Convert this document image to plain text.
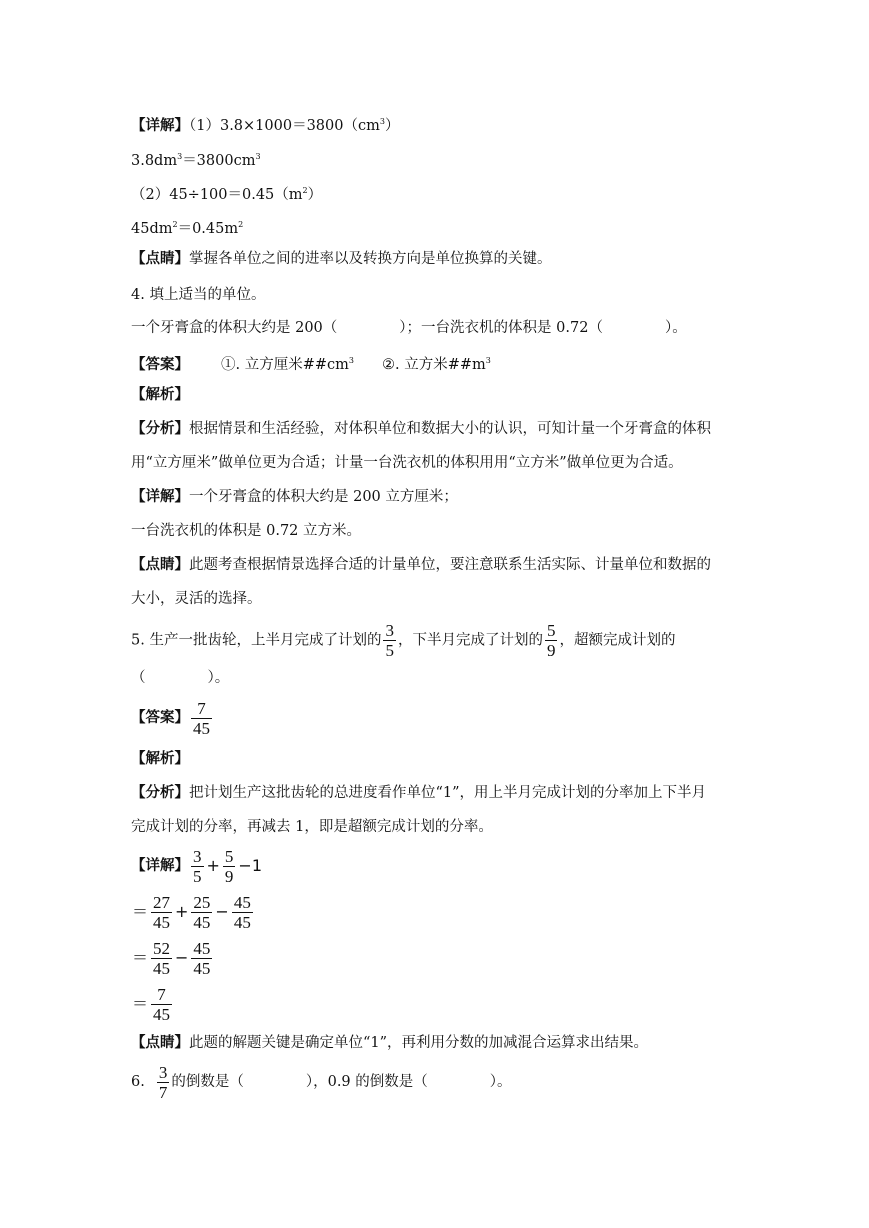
【详解】$(1)3.8\times 1000=3800(cm^3)$
$3.8dm^3=3800cm^3$
$(2)45\div 100=0.45(m^2)$
$45dm^2=0.45m^2$
【点睛】掌握各单位之间的进率以及转换方向是单位换算的关键。
4. 填上适当的单位。
一个牙膏盒的体积大约是 200（	）；一台洗衣机的体积是 0.72（	）。
【答案】 ①. 立方厘米$\#\#cm^3$ ②. 立方米$\#\#m^3$
【解析】
【分析】根据情景和生活经验，对体积单位和数据大小的认识，可知计量一个牙膏盒的体积
用“立方厘米”做单位更为合适；计量一台洗衣机的体积用用“立方米”做单位更为合适。
【详解】一个牙膏盒的体积大约是 200 立方厘米；
一台洗衣机的体积是 0.72 立方米。
【点睛】此题考查根据情景选择合适的计量单位，要注意联系生活实际、计量单位和数据的
大小，灵活的选择。
5. 生产一批齿轮，上半月完成了计划的 $\frac{3}{5}$ ，下半月完成了计划的 $\frac{5}{9}$ ，超额完成计划的
（	）。
【答案】 $\frac{7}{45}$
【解析】
【分析】把计划生产这批齿轮的总进度看作单位“1”，用上半月完成计划的分率加上下半月
完成计划的分率，再减去 1，即是超额完成计划的分率。
【详解】 $\frac{3}{5} + \frac{5}{9} -1$
＝ $\frac{27}{45} + \frac{25}{45} - \frac{45}{45}$
＝ $\frac{52}{45} - \frac{45}{45}$
＝ $\frac{7}{45}$
【点睛】此题的解题关键是确定单位“1”，再利用分数的加减混合运算求出结果。
6. $\frac{3}{7}$ 的倒数是（	），0.9 的倒数是（	）。
